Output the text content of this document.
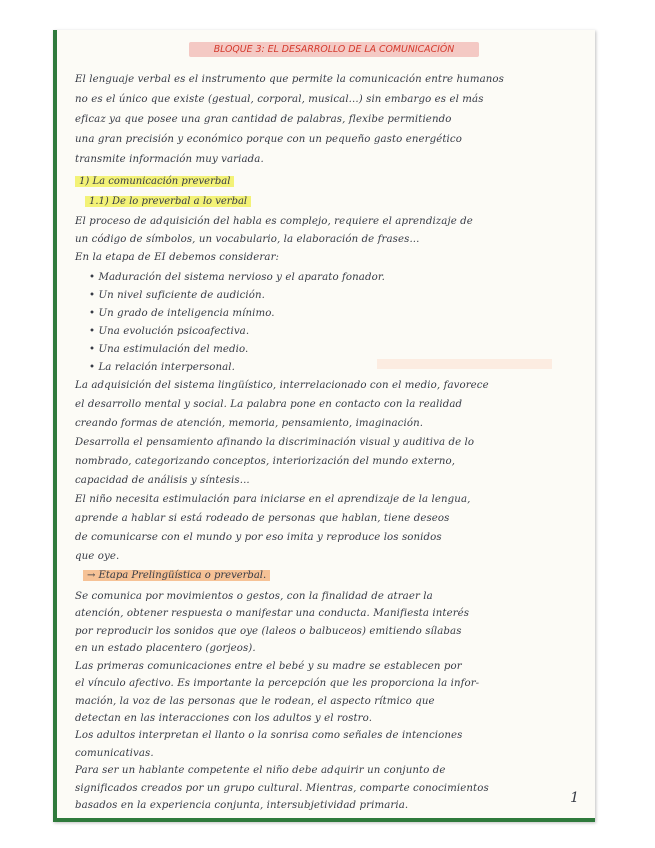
BLOQUE 3: EL DESARROLLO DE LA COMUNICACIÓN
El lenguaje verbal es el instrumento que permite la comunicación entre humanos
no es el único que existe (gestual, corporal, musical...) sin embargo es el más
eficaz ya que posee una gran cantidad de palabras, flexibe permitiendo
una gran precisión y económico porque con un pequeño gasto energético
transmite información muy variada.
1) La comunicación preverbal
1.1) De lo preverbal a lo verbal
El proceso de adquisición del habla es complejo, requiere el aprendizaje de
un código de símbolos, un vocabulario, la elaboración de frases...
En la etapa de EI debemos considerar:
• Maduración del sistema nervioso y el aparato fonador.
• Un nivel suficiente de audición.
• Un grado de inteligencia mínimo.
• Una evolución psicoafectiva.
• Una estimulación del medio.
• La relación interpersonal.
La adquisición del sistema lingüístico, interrelacionado con el medio, favorece
el desarrollo mental y social. La palabra pone en contacto con la realidad
creando formas de atención, memoria, pensamiento, imaginación.
Desarrolla el pensamiento afinando la discriminación visual y auditiva de lo
nombrado, categorizando conceptos, interiorización del mundo externo,
capacidad de análisis y síntesis...
El niño necesita estimulación para iniciarse en el aprendizaje de la lengua,
aprende a hablar si está rodeado de personas que hablan, tiene deseos
de comunicarse con el mundo y por eso imita y reproduce los sonidos
que oye.
→ Etapa Prelingüística o preverbal.
Se comunica por movimientos o gestos, con la finalidad de atraer la
atención, obtener respuesta o manifestar una conducta. Manifiesta interés
por reproducir los sonidos que oye (laleos o balbuceos) emitiendo sílabas
en un estado placentero (gorjeos).
Las primeras comunicaciones entre el bebé y su madre se establecen por
el vínculo afectivo. Es importante la percepción que les proporciona la infor-
mación, la voz de las personas que le rodean, el aspecto rítmico que
detectan en las interacciones con los adultos y el rostro.
Los adultos interpretan el llanto o la sonrisa como señales de intenciones
comunicativas.
Para ser un hablante competente el niño debe adquirir un conjunto de
significados creados por un grupo cultural. Mientras, comparte conocimientos
basados en la experiencia conjunta, intersubjetividad primaria.	1
